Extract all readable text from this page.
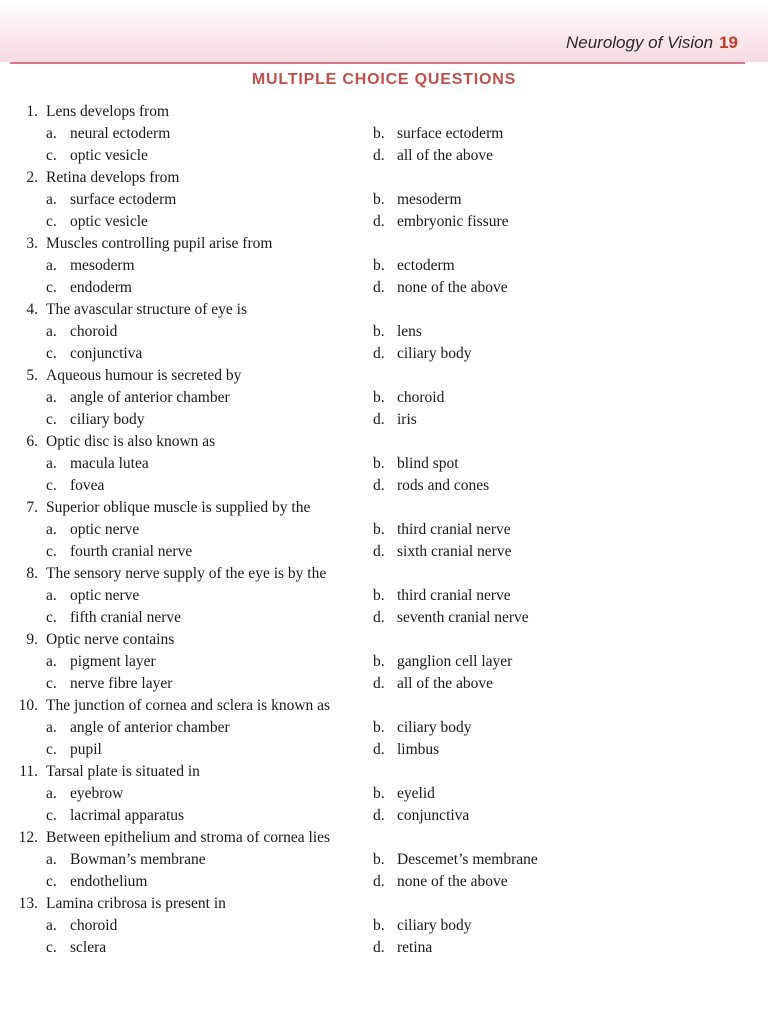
Neurology of Vision 19
MULTIPLE CHOICE QUESTIONS
1. Lens develops from
a. neural ectoderm	b. surface ectoderm
c. optic vesicle	d. all of the above
2. Retina develops from
a. surface ectoderm	b. mesoderm
c. optic vesicle	d. embryonic fissure
3. Muscles controlling pupil arise from
a. mesoderm	b. ectoderm
c. endoderm	d. none of the above
4. The avascular structure of eye is
a. choroid	b. lens
c. conjunctiva	d. ciliary body
5. Aqueous humour is secreted by
a. angle of anterior chamber	b. choroid
c. ciliary body	d. iris
6. Optic disc is also known as
a. macula lutea	b. blind spot
c. fovea	d. rods and cones
7. Superior oblique muscle is supplied by the
a. optic nerve	b. third cranial nerve
c. fourth cranial nerve	d. sixth cranial nerve
8. The sensory nerve supply of the eye is by the
a. optic nerve	b. third cranial nerve
c. fifth cranial nerve	d. seventh cranial nerve
9. Optic nerve contains
a. pigment layer	b. ganglion cell layer
c. nerve fibre layer	d. all of the above
10. The junction of cornea and sclera is known as
a. angle of anterior chamber	b. ciliary body
c. pupil	d. limbus
11. Tarsal plate is situated in
a. eyebrow	b. eyelid
c. lacrimal apparatus	d. conjunctiva
12. Between epithelium and stroma of cornea lies
a. Bowman’s membrane	b. Descemet’s membrane
c. endothelium	d. none of the above
13. Lamina cribrosa is present in
a. choroid	b. ciliary body
c. sclera	d. retina
